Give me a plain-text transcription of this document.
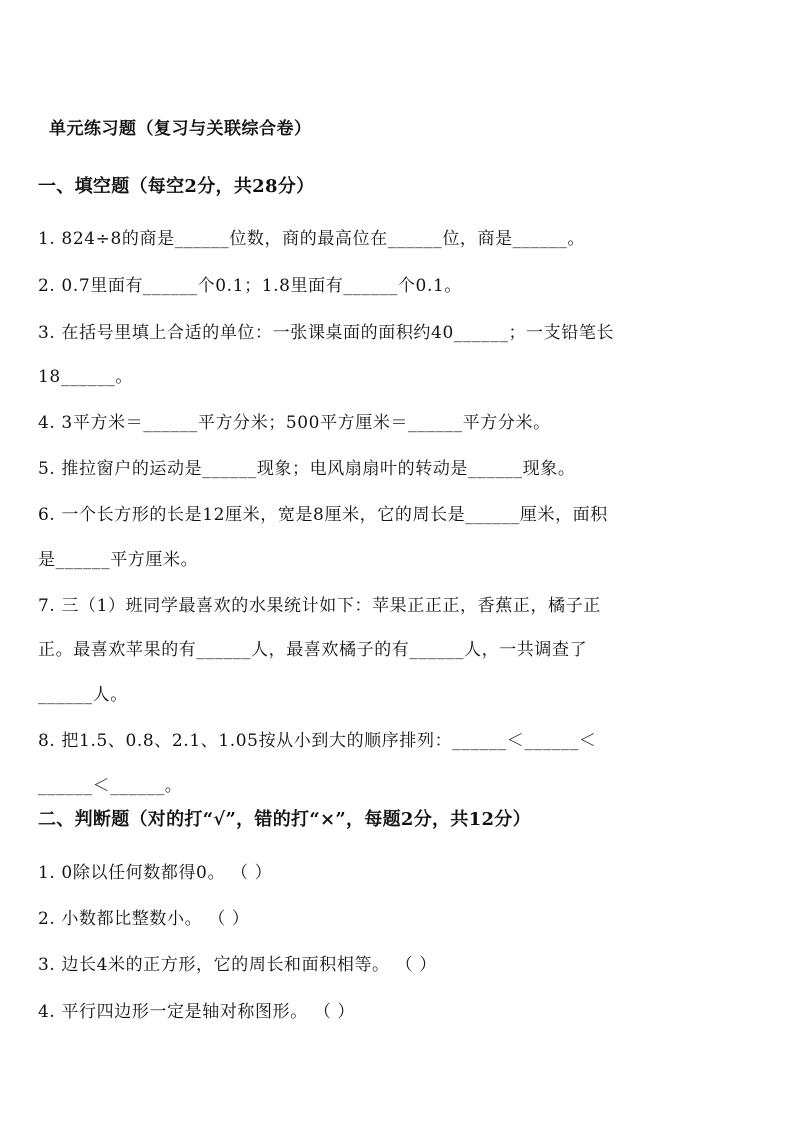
单元练习题（复习与关联综合卷）
一、填空题（每空2分，共28分）
1. 824÷8的商是______位数，商的最高位在______位，商是______。
2. 0.7里面有______个0.1；1.8里面有______个0.1。
3. 在括号里填上合适的单位：一张课桌面的面积约40______；一支铅笔长
18______。
4. 3平方米＝______平方分米；500平方厘米＝______平方分米。
5. 推拉窗户的运动是______现象；电风扇扇叶的转动是______现象。
6. 一个长方形的长是12厘米，宽是8厘米，它的周长是______厘米，面积
是______平方厘米。
7. 三（1）班同学最喜欢的水果统计如下：苹果正正正，香蕉正，橘子正
正。最喜欢苹果的有______人，最喜欢橘子的有______人，一共调查了
______人。
8. 把1.5、0.8、2.1、1.05按从小到大的顺序排列：______＜______＜
______＜______。
二、判断题（对的打“√”，错的打“×”，每题2分，共12分）
1. 0除以任何数都得0。 （ ）
2. 小数都比整数小。 （ ）
3. 边长4米的正方形，它的周长和面积相等。 （ ）
4. 平行四边形一定是轴对称图形。 （ ）
